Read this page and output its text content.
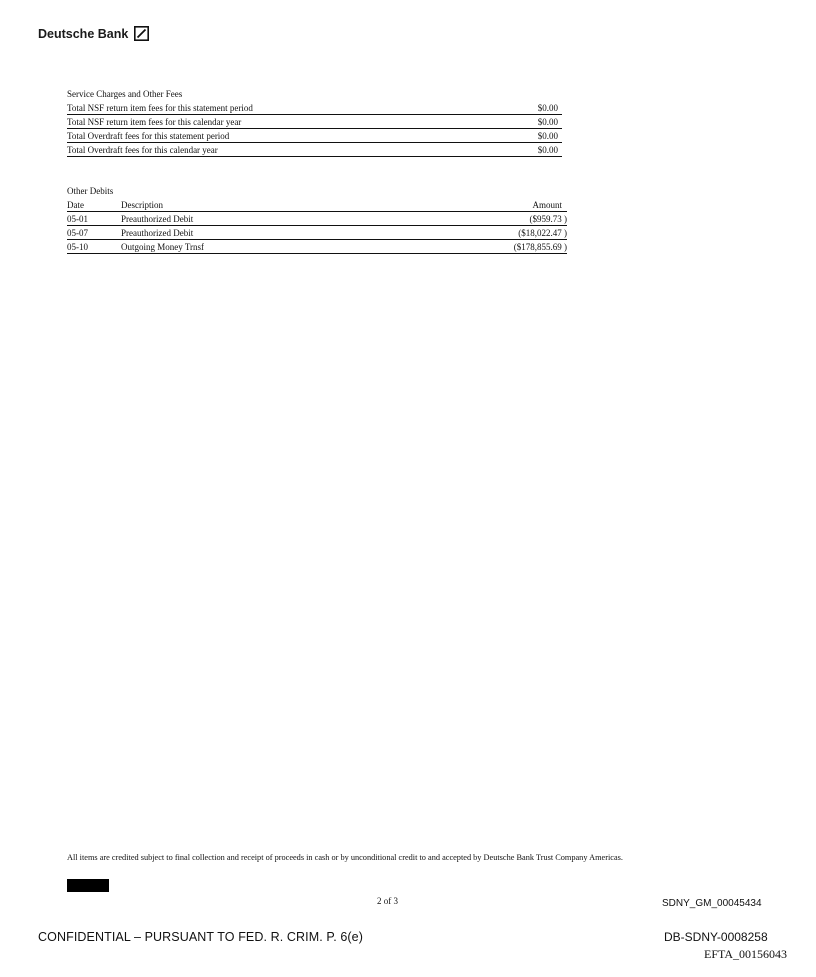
Deutsche Bank
Service Charges and Other Fees
Total NSF return item fees for this statement period	$0.00
Total NSF return item fees for this calendar year	$0.00
Total Overdraft fees for this statement period	$0.00
Total Overdraft fees for this calendar year	$0.00
Other Debits
Date	Description	Amount
05-01	Preauthorized Debit	($959.73 )
05-07	Preauthorized Debit	($18,022.47 )
05-10	Outgoing Money Trnsf	($178,855.69 )
All items are credited subject to final collection and receipt of proceeds in cash or by unconditional credit to and accepted by Deutsche Bank Trust Company Americas.
2 of 3	SDNY_GM_00045434
CONFIDENTIAL – PURSUANT TO FED. R. CRIM. P. 6(e)	DB-SDNY-0008258
EFTA_00156043
